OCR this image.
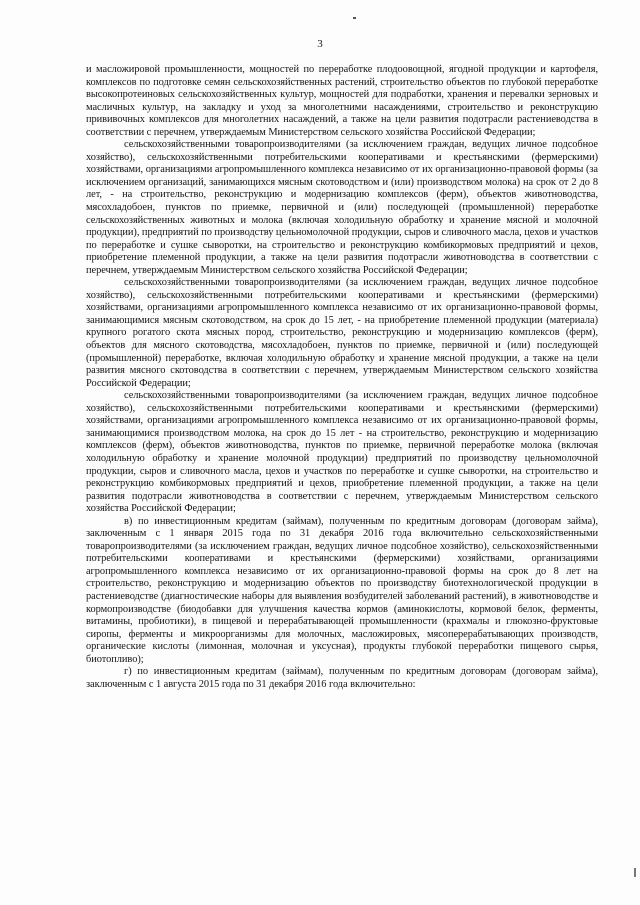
3

и масложировой промышленности, мощностей по переработке плодоовощной, ягодной продукции и картофеля, комплексов по подготовке семян сельскохозяйственных растений, строительство объектов по глубокой переработке высокопротеиновых сельскохозяйственных культур, мощностей для подработки, хранения и перевалки зерновых и масличных культур, на закладку и уход за многолетними насаждениями, строительство и реконструкцию прививочных комплексов для многолетних насаждений, а также на цели развития подотрасли растениеводства в соответствии с перечнем, утверждаемым Министерством сельского хозяйства Российской Федерации;

сельскохозяйственными товаропроизводителями (за исключением граждан, ведущих личное подсобное хозяйство), сельскохозяйственными потребительскими кооперативами и крестьянскими (фермерскими) хозяйствами, организациями агропромышленного комплекса независимо от их организационно-правовой формы (за исключением организаций, занимающихся мясным скотоводством и (или) производством молока) на срок от 2 до 8 лет, - на строительство, реконструкцию и модернизацию комплексов (ферм), объектов животноводства, мясохладобоен, пунктов по приемке, первичной и (или) последующей (промышленной) переработке сельскохозяйственных животных и молока (включая холодильную обработку и хранение мясной и молочной продукции), предприятий по производству цельномолочной продукции, сыров и сливочного масла, цехов и участков по переработке и сушке сыворотки, на строительство и реконструкцию комбикормовых предприятий и цехов, приобретение племенной продукции, а также на цели развития подотрасли животноводства в соответствии с перечнем, утверждаемым Министерством сельского хозяйства Российской Федерации;

сельскохозяйственными товаропроизводителями (за исключением граждан, ведущих личное подсобное хозяйство), сельскохозяйственными потребительскими кооперативами и крестьянскими (фермерскими) хозяйствами, организациями агропромышленного комплекса независимо от их организационно-правовой формы, занимающимися мясным скотоводством, на срок до 15 лет, - на приобретение племенной продукции (материала) крупного рогатого скота мясных пород, строительство, реконструкцию и модернизацию комплексов (ферм), объектов для мясного скотоводства, мясохладобоен, пунктов по приемке, первичной и (или) последующей (промышленной) переработке, включая холодильную обработку и хранение мясной продукции, а также на цели развития мясного скотоводства в соответствии с перечнем, утверждаемым Министерством сельского хозяйства Российской Федерации;

сельскохозяйственными товаропроизводителями (за исключением граждан, ведущих личное подсобное хозяйство), сельскохозяйственными потребительскими кооперативами и крестьянскими (фермерскими) хозяйствами, организациями агропромышленного комплекса независимо от их организационно-правовой формы, занимающимися производством молока, на срок до 15 лет - на строительство, реконструкцию и модернизацию комплексов (ферм), объектов животноводства, пунктов по приемке, первичной переработке молока (включая холодильную обработку и хранение молочной продукции) предприятий по производству цельномолочной продукции, сыров и сливочного масла, цехов и участков по переработке и сушке сыворотки, на строительство и реконструкцию комбикормовых предприятий и цехов, приобретение племенной продукции, а также на цели развития подотрасли животноводства в соответствии с перечнем, утверждаемым Министерством сельского хозяйства Российской Федерации;

в) по инвестиционным кредитам (займам), полученным по кредитным договорам (договорам займа), заключенным с 1 января 2015 года по 31 декабря 2016 года включительно сельскохозяйственными товаропроизводителями (за исключением граждан, ведущих личное подсобное хозяйство), сельскохозяйственными потребительскими кооперативами и крестьянскими (фермерскими) хозяйствами, организациями агропромышленного комплекса независимо от их организационно-правовой формы на срок до 8 лет на строительство, реконструкцию и модернизацию объектов по производству биотехнологической продукции в растениеводстве (диагностические наборы для выявления возбудителей заболеваний растений), в животноводстве и кормопроизводстве (биодобавки для улучшения качества кормов (аминокислоты, кормовой белок, ферменты, витамины, пробиотики), в пищевой и перерабатывающей промышленности (крахмалы и глюкозно-фруктовые сиропы, ферменты и микроорганизмы для молочных, масложировых, мясоперерабатывающих производств, органические кислоты (лимонная, молочная и уксусная), продукты глубокой переработки пищевого сырья, биотопливо);

г) по инвестиционным кредитам (займам), полученным по кредитным договорам (договорам займа), заключенным с 1 августа 2015 года по 31 декабря 2016 года включительно:
